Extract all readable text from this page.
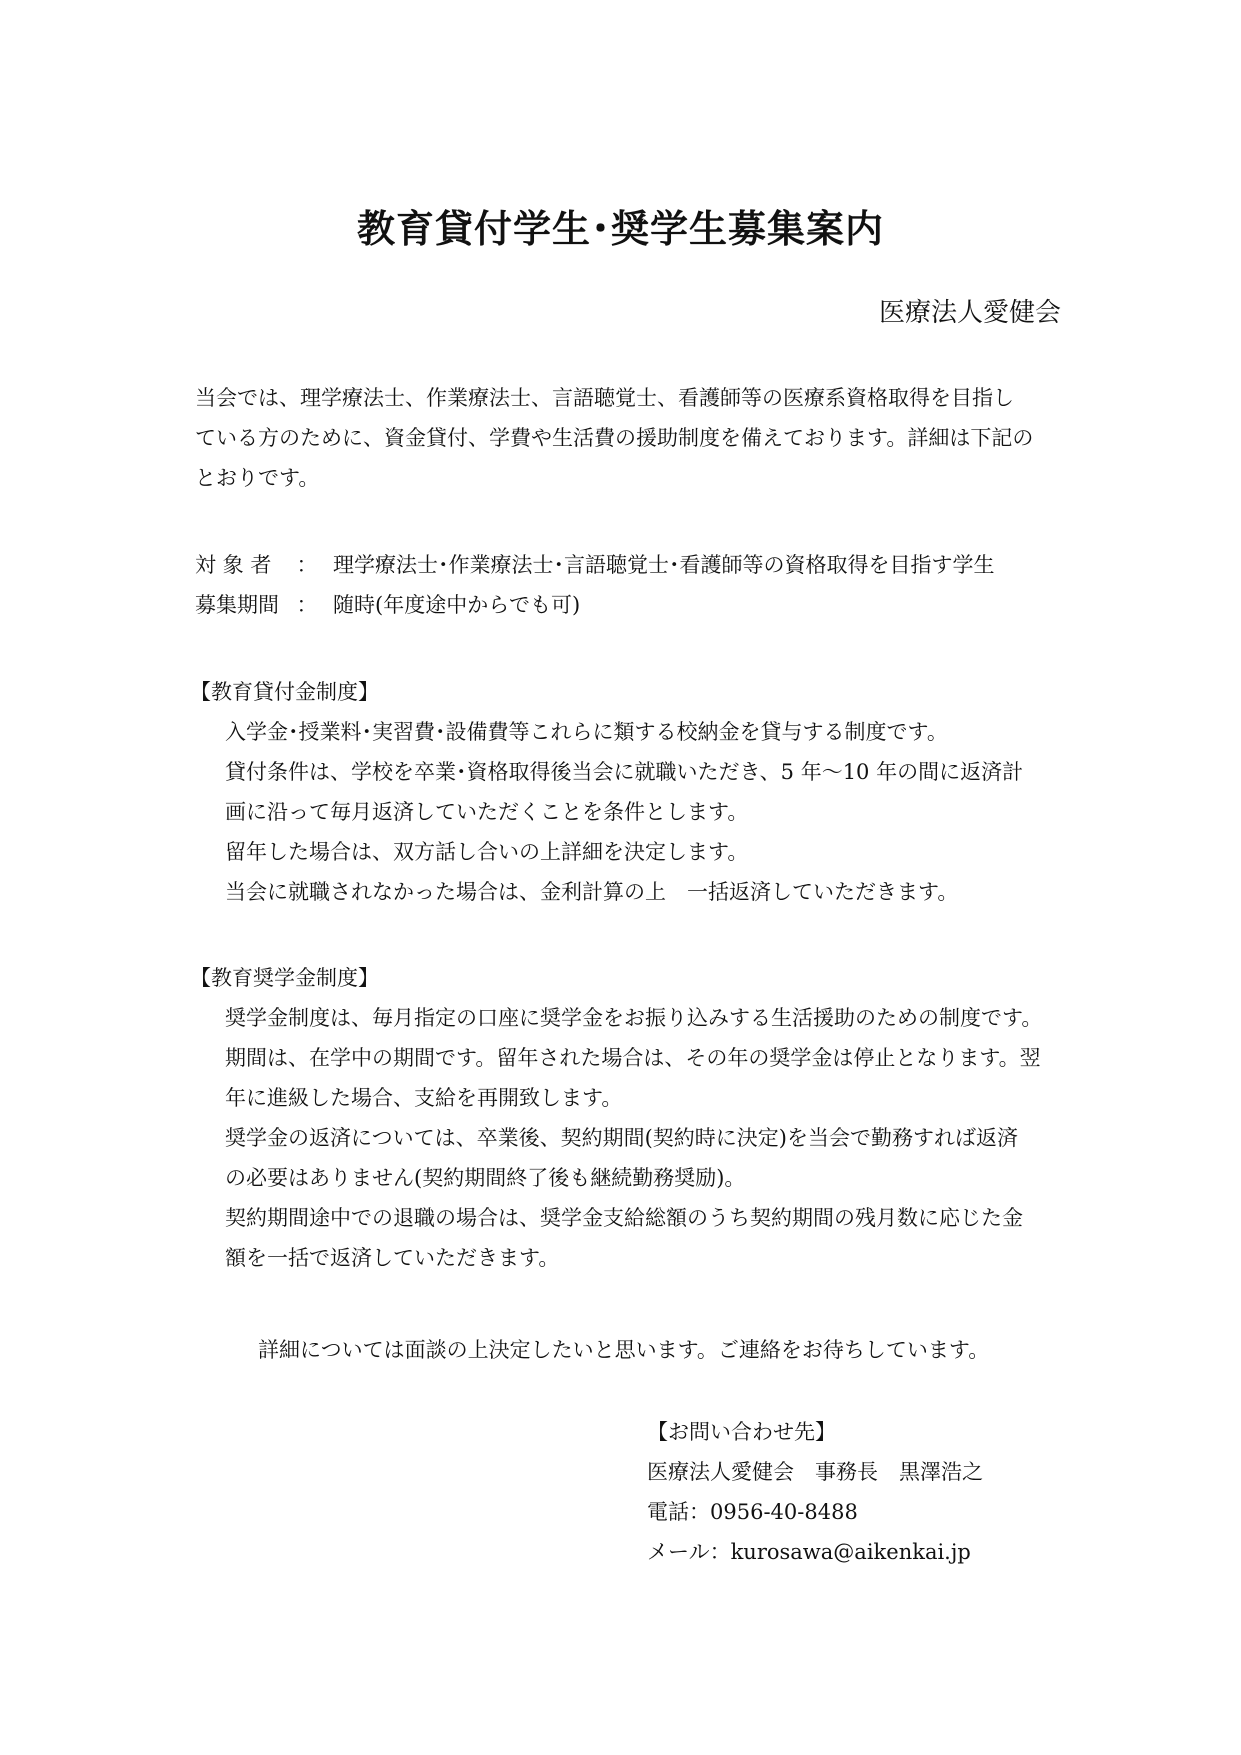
教育貸付学生･奨学生募集案内
医療法人愛健会

当会では、理学療法士、作業療法士、言語聴覚士、看護師等の医療系資格取得を目指し

ている方のために、資金貸付、学費や生活費の援助制度を備えております。詳細は下記の

とおりです。

対 象 者	： 理学療法士･作業療法士･言語聴覚士･看護師等の資格取得を目指す学生
募集期間 ： 随時(年度途中からでも可)
【教育貸付金制度】

入学金･授業料･実習費･設備費等これらに類する校納金を貸与する制度です。

貸付条件は、学校を卒業･資格取得後当会に就職いただき、5 年～10 年の間に返済計

画に沿って毎月返済していただくことを条件とします。

留年した場合は、双方話し合いの上詳細を決定します。

当会に就職されなかった場合は、金利計算の上　一括返済していただきます。

【教育奨学金制度】

奨学金制度は、毎月指定の口座に奨学金をお振り込みする生活援助のための制度です。

期間は、在学中の期間です。留年された場合は、その年の奨学金は停止となります。翌

年に進級した場合、支給を再開致します。

奨学金の返済については、卒業後、契約期間(契約時に決定)を当会で勤務すれば返済

の必要はありません(契約期間終了後も継続勤務奨励)。

契約期間途中での退職の場合は、奨学金支給総額のうち契約期間の残月数に応じた金

額を一括で返済していただきます。

詳細については面談の上決定したいと思います。ご連絡をお待ちしています。

【お問い合わせ先】

医療法人愛健会　事務長　黒澤浩之

電話：0956-40-8488

メール：kurosawa@aikenkai.jp
